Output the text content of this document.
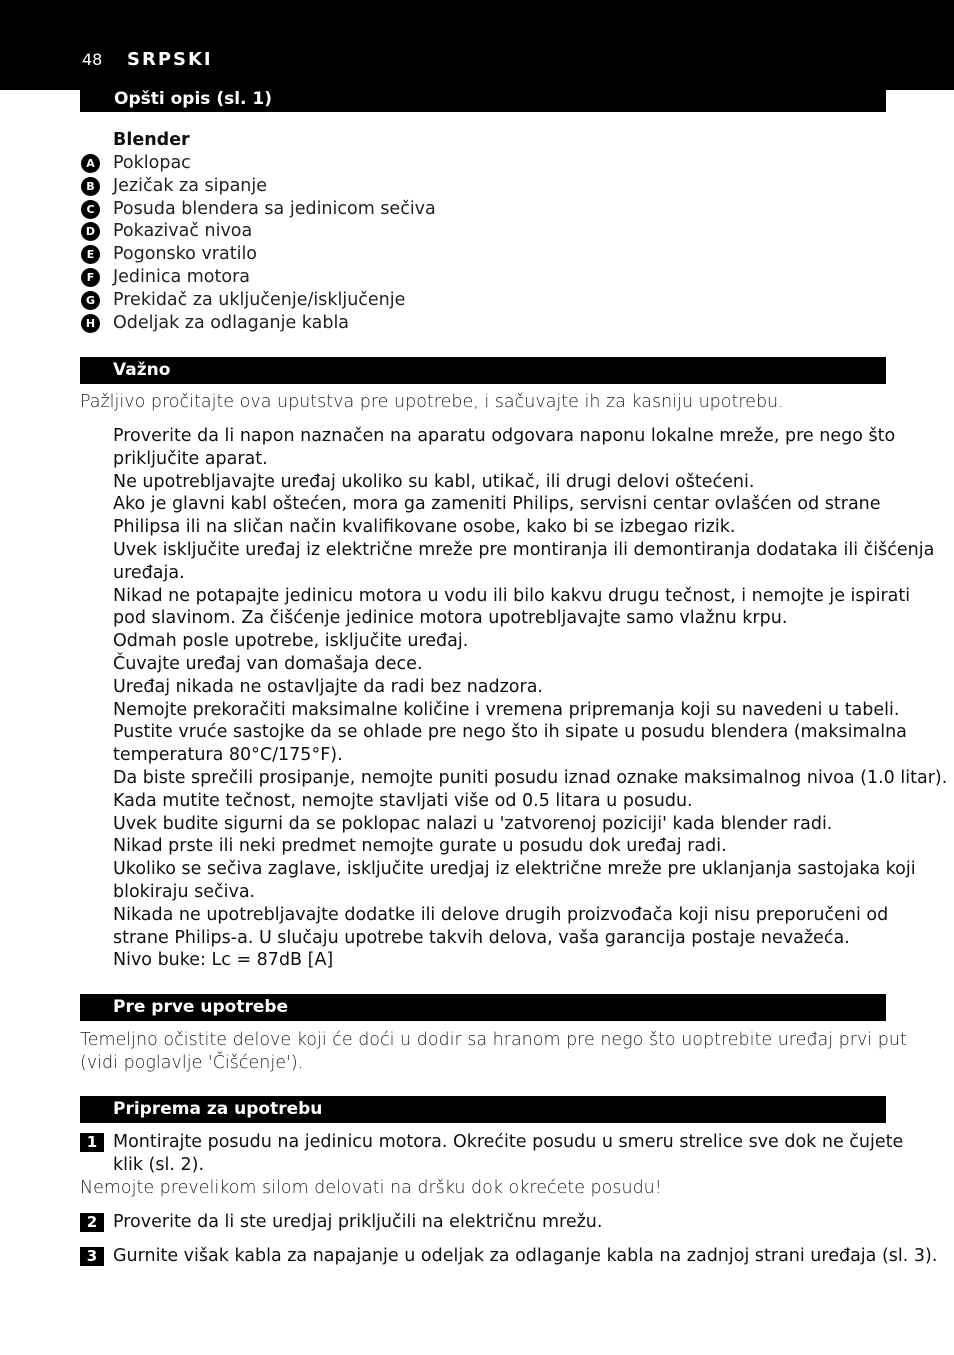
48 SRPSKI
Opšti opis (sl. 1)
Blender
A	Poklopac
B	Jezičak za sipanje
C	Posuda blendera sa jedinicom sečiva
D Pokazivač nivoa
E	Pogonsko vratilo
F	Jedinica motora
G Prekidač za uključenje/isključenje
H Odeljak za odlaganje kabla
Važno
Pažljivo pročitajte ova uputstva pre upotrebe, i sačuvajte ih za kasniju upotrebu.
Proverite da li napon naznačen na aparatu odgovara naponu lokalne mreže, pre nego što
priključite aparat.
Ne upotrebljavajte uređaj ukoliko su kabl, utikač, ili drugi delovi oštećeni.
Ako je glavni kabl oštećen, mora ga zameniti Philips, servisni centar ovlašćen od strane
Philipsa ili na sličan način kvalifikovane osobe, kako bi se izbegao rizik.
Uvek isključite uređaj iz električne mreže pre montiranja ili demontiranja dodataka ili čišćenja
uređaja.
Nikad ne potapajte jedinicu motora u vodu ili bilo kakvu drugu tečnost, i nemojte je ispirati
pod slavinom. Za čišćenje jedinice motora upotrebljavajte samo vlažnu krpu.
Odmah posle upotrebe, isključite uređaj.
Čuvajte uređaj van domašaja dece.
Uređaj nikada ne ostavljajte da radi bez nadzora.
Nemojte prekoračiti maksimalne količine i vremena pripremanja koji su navedeni u tabeli.
Pustite vruće sastojke da se ohlade pre nego što ih sipate u posudu blendera (maksimalna
temperatura 80°C/175°F).
Da biste sprečili prosipanje, nemojte puniti posudu iznad oznake maksimalnog nivoa (1.0 litar).
Kada mutite tečnost, nemojte stavljati više od 0.5 litara u posudu.
Uvek budite sigurni da se poklopac nalazi u 'zatvorenoj poziciji' kada blender radi.
Nikad prste ili neki predmet nemojte gurate u posudu dok uređaj radi.
Ukoliko se sečiva zaglave, isključite uredjaj iz električne mreže pre uklanjanja sastojaka koji
blokiraju sečiva.
Nikada ne upotrebljavajte dodatke ili delove drugih proizvođača koji nisu preporučeni od
strane Philips-a. U slučaju upotrebe takvih delova, vaša garancija postaje nevažeća.
Nivo buke: Lc = 87dB [A]
Pre prve upotrebe
Temeljno očistite delove koji će doći u dodir sa hranom pre nego što uoptrebite uređaj prvi put
(vidi poglavlje 'Čišćenje').
Priprema za upotrebu
1 Montirajte posudu na jedinicu motora. Okrećite posudu u smeru strelice sve dok ne čujete
klik (sl. 2).
Nemojte prevelikom silom delovati na dršku dok okrećete posudu!
2 Proverite da li ste uredjaj priključili na električnu mrežu.
3 Gurnite višak kabla za napajanje u odeljak za odlaganje kabla na zadnjoj strani uređaja (sl. 3).
